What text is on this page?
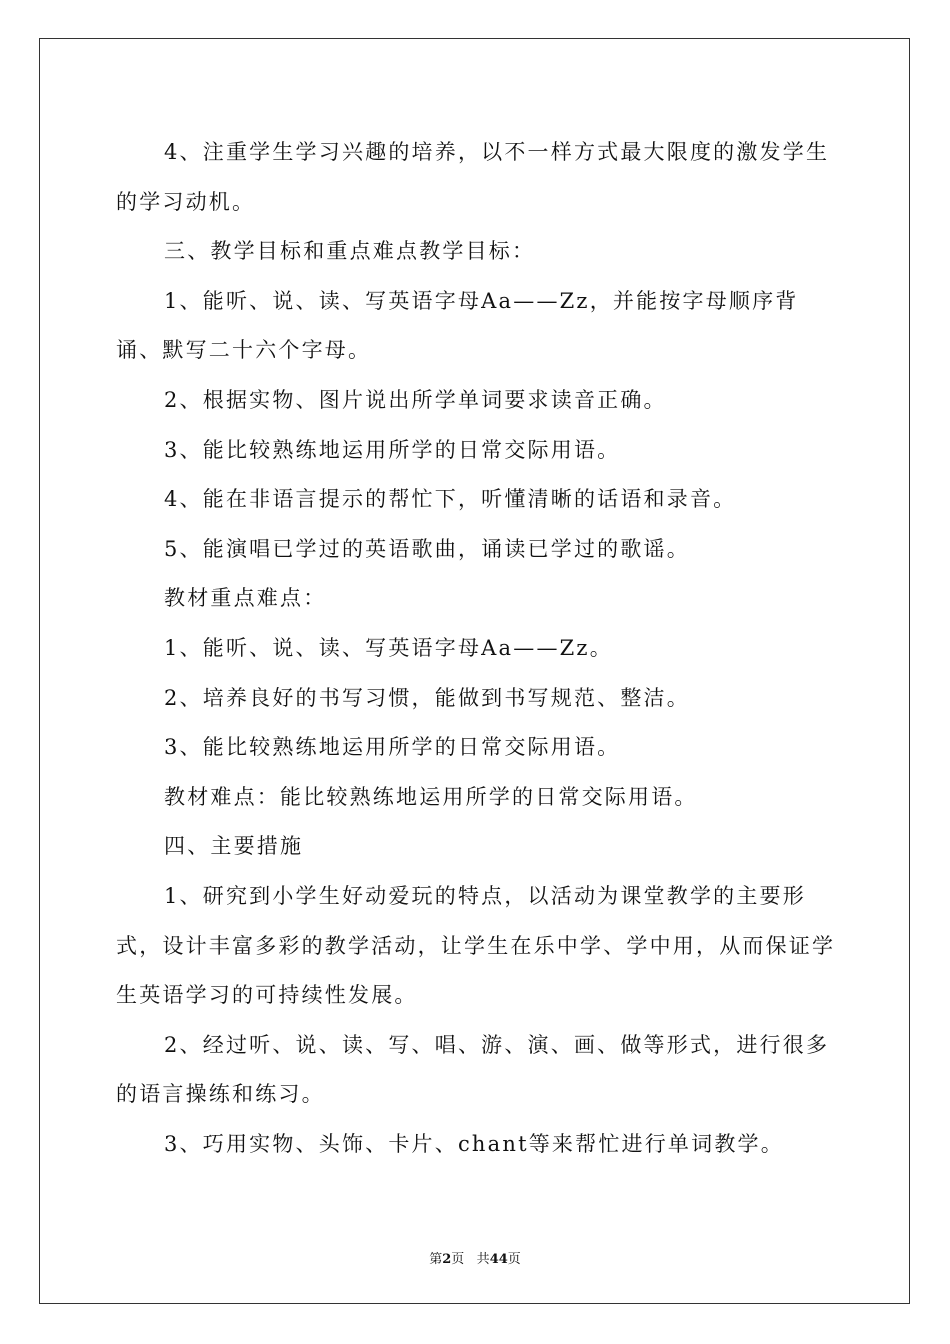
4、注重学生学习兴趣的培养，以不一样方式最大限度的激发学生的学习动机。

三、教学目标和重点难点教学目标：

1、能听、说、读、写英语字母Aa——Zz，并能按字母顺序背诵、默写二十六个字母。

2、根据实物、图片说出所学单词要求读音正确。

3、能比较熟练地运用所学的日常交际用语。

4、能在非语言提示的帮忙下，听懂清晰的话语和录音。

5、能演唱已学过的英语歌曲，诵读已学过的歌谣。

教材重点难点：

1、能听、说、读、写英语字母Aa——Zz。

2、培养良好的书写习惯，能做到书写规范、整洁。

3、能比较熟练地运用所学的日常交际用语。

教材难点：能比较熟练地运用所学的日常交际用语。

四、主要措施

1、研究到小学生好动爱玩的特点，以活动为课堂教学的主要形式，设计丰富多彩的教学活动，让学生在乐中学、学中用，从而保证学生英语学习的可持续性发展。

2、经过听、说、读、写、唱、游、演、画、做等形式，进行很多的语言操练和练习。

3、巧用实物、头饰、卡片、chant等来帮忙进行单词教学。

第2页 共44页
